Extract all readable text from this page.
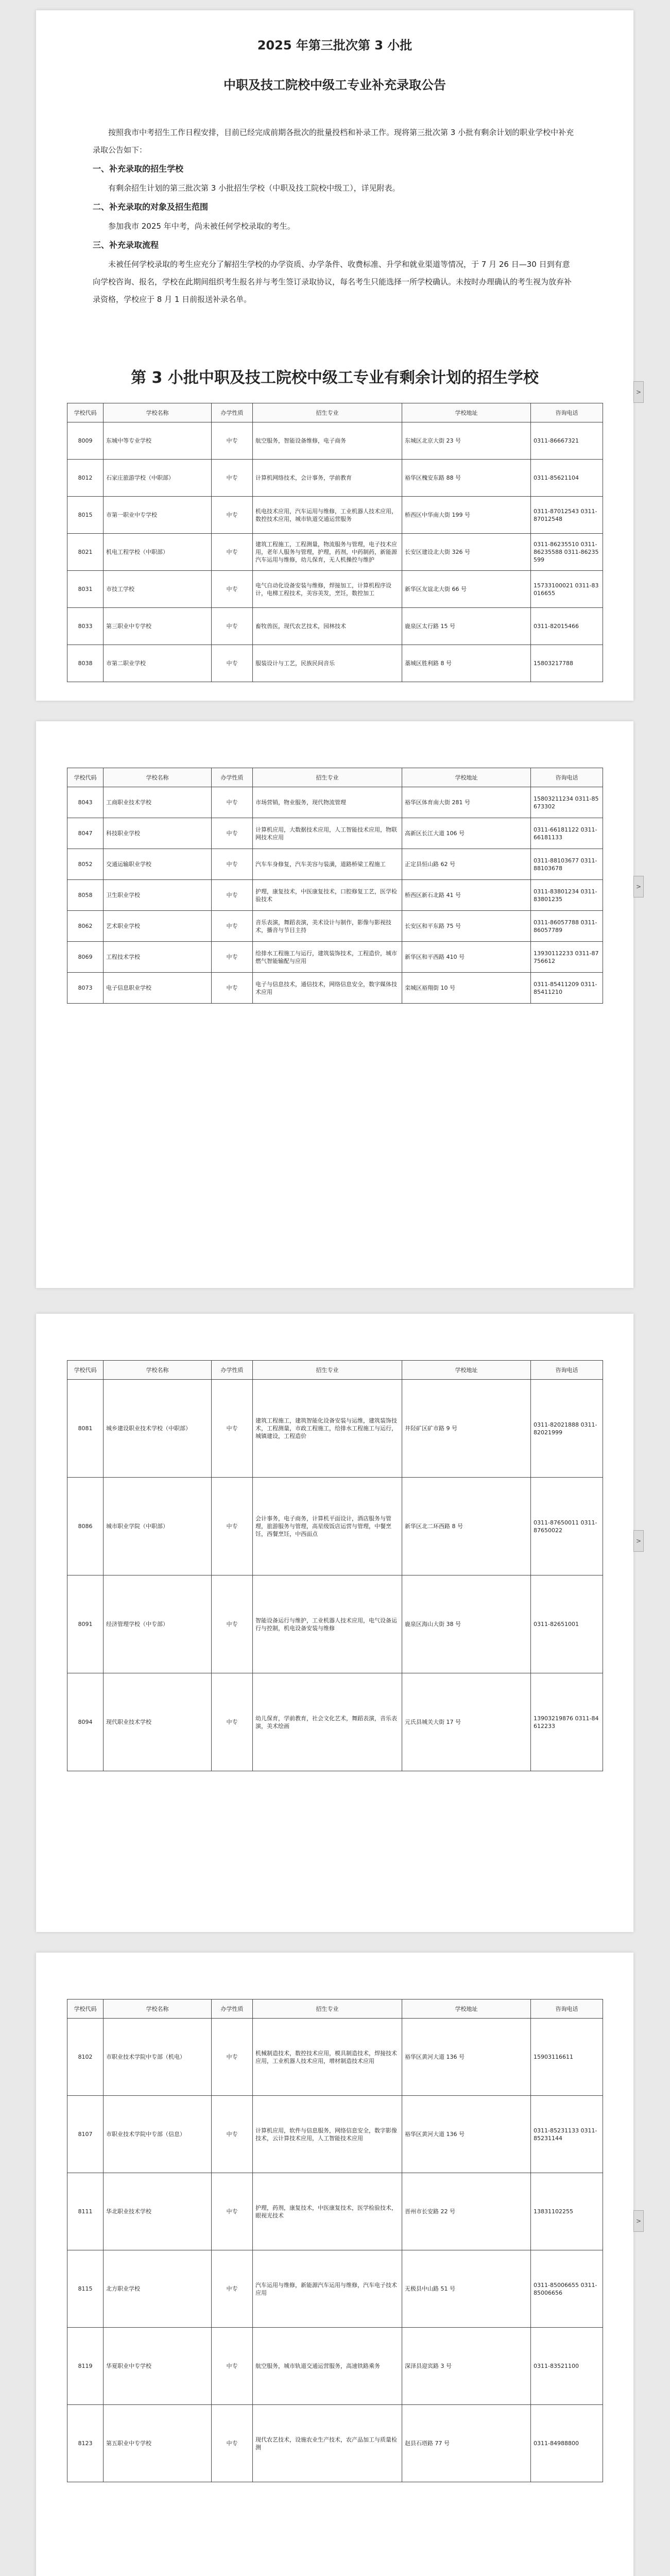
2025 年第三批次第 3 小批
中职及技工院校中级工专业补充录取公告

按照我市中考招生工作日程安排，目前已经完成前期各批次的批量投档和补录工作。现将第三批次第 3 小批有剩余计划的职业学校中补充录取公告如下：

一、补充录取的招生学校

有剩余招生计划的第三批次第 3 小批招生学校（中职及技工院校中级工），详见附表。

二、补充录取的对象及招生范围

参加我市 2025 年中考，尚未被任何学校录取的考生。

三、补充录取流程

未被任何学校录取的考生应充分了解招生学校的办学资质、办学条件、收费标准、升学和就业渠道等情况，于 7 月 26 日—30 日到有意向学校咨询、报名，学校在此期间组织考生报名并与考生签订录取协议，每名考生只能选择一所学校确认。未按时办理确认的考生视为放弃补录资格，学校应于 8 月 1 日前报送补录名单。

第 3 小批中职及技工院校中级工专业有剩余计划的招生学校
学校代码	学校名称	办学性质	招生专业	学校地址	咨询电话
8009	东城中等专业学校	中专	航空服务，智能设备维修，电子商务	东城区北京大街 23 号	0311-86667321
8012	石家庄旅游学校（中职部）	中专	计算机网络技术，会计事务，学前教育	裕华区槐安东路 88 号	0311-85621104
8015	市第一职业中专学校	中专	机电技术应用，汽车运用与维修，工业机器人技术应用，数控技术应用，城市轨道交通运营服务	桥西区中华南大街 199 号	0311-87012543 0311-87012548
8021	机电工程学校（中职部）	中专	建筑工程施工，工程测量，物流服务与管理，电子技术应用，老年人服务与管理，护理，药剂，中药制药，新能源汽车运用与维修，幼儿保育，无人机操控与维护	长安区建设北大街 326 号	0311-86235510 0311-86235588 0311-86235599
8031	市技工学校	中专	电气自动化设备安装与维修，焊接加工，计算机程序设计，电梯工程技术，美容美发，烹饪，数控加工	新华区友谊北大街 66 号	15733100021 0311-83016655
8033	第三职业中专学校	中专	畜牧兽医，现代农艺技术，园林技术	鹿泉区太行路 15 号	0311-82015466
8038	市第二职业学校	中专	服装设计与工艺，民族民间音乐	藁城区胜利路 8 号	15803217788
>
学校代码	学校名称	办学性质	招生专业	学校地址	咨询电话
8043	工商职业技术学校	中专	市场营销，物业服务，现代物流管理	裕华区体育南大街 281 号	15803211234 0311-85673302
8047	科技职业学校	中专	计算机应用，大数据技术应用，人工智能技术应用，物联网技术应用	高新区长江大道 106 号	0311-66181122 0311-66181133
8052	交通运输职业学校	中专	汽车车身修复，汽车美容与装潢，道路桥梁工程施工	正定县恒山路 62 号	0311-88103677 0311-88103678
8058	卫生职业学校	中专	护理，康复技术，中医康复技术，口腔修复工艺，医学检验技术	桥西区新石北路 41 号	0311-83801234 0311-83801235
8062	艺术职业学校	中专	音乐表演，舞蹈表演，美术设计与制作，影像与影视技术，播音与节目主持	长安区和平东路 75 号	0311-86057788 0311-86057789
8069	工程技术学校	中专	给排水工程施工与运行，建筑装饰技术，工程造价，城市燃气智能输配与应用	新华区和平西路 410 号	13930112233 0311-87756612
8073	电子信息职业学校	中专	电子与信息技术，通信技术，网络信息安全，数字媒体技术应用	栾城区裕翔街 10 号	0311-85411209 0311-85411210
>
学校代码	学校名称	办学性质	招生专业	学校地址	咨询电话
8081	城乡建设职业技术学校（中职部）	中专	建筑工程施工，建筑智能化设备安装与运维，建筑装饰技术，工程测量，市政工程施工，给排水工程施工与运行，城镇建设，工程造价	井陉矿区矿市路 9 号	0311-82021888 0311-82021999
8086	城市职业学院（中职部）	中专	会计事务，电子商务，计算机平面设计，酒店服务与管理，旅游服务与管理，高星级饭店运营与管理，中餐烹饪，西餐烹饪，中西面点	新华区北二环西路 8 号	0311-87650011 0311-87650022
8091	经济管理学校（中专部）	中专	智能设备运行与维护，工业机器人技术应用，电气设备运行与控制，机电设备安装与维修	鹿泉区海山大街 38 号	0311-82651001
8094	现代职业技术学校	中专	幼儿保育，学前教育，社会文化艺术，舞蹈表演，音乐表演，美术绘画	元氏县城关大街 17 号	13903219876 0311-84612233
>
学校代码	学校名称	办学性质	招生专业	学校地址	咨询电话
8102	市职业技术学院中专部（机电）	中专	机械制造技术，数控技术应用，模具制造技术，焊接技术应用，工业机器人技术应用，增材制造技术应用	裕华区黄河大道 136 号	15903116611
8107	市职业技术学院中专部（信息）	中专	计算机应用，软件与信息服务，网络信息安全，数字影像技术，云计算技术应用，人工智能技术应用	裕华区黄河大道 136 号	0311-85231133 0311-85231144
8111	华北职业技术学校	中专	护理，药剂，康复技术，中医康复技术，医学检验技术，眼视光技术	晋州市长安路 22 号	13831102255
8115	北方职业学校	中专	汽车运用与维修，新能源汽车运用与维修，汽车电子技术应用	无极县中山路 51 号	0311-85006655 0311-85006656
8119	华夏职业中专学校	中专	航空服务，城市轨道交通运营服务，高速铁路乘务	深泽县迎宾路 3 号	0311-83521100
8123	第五职业中专学校	中专	现代农艺技术，设施农业生产技术，农产品加工与质量检测	赵县石塔路 77 号	0311-84988800
>
